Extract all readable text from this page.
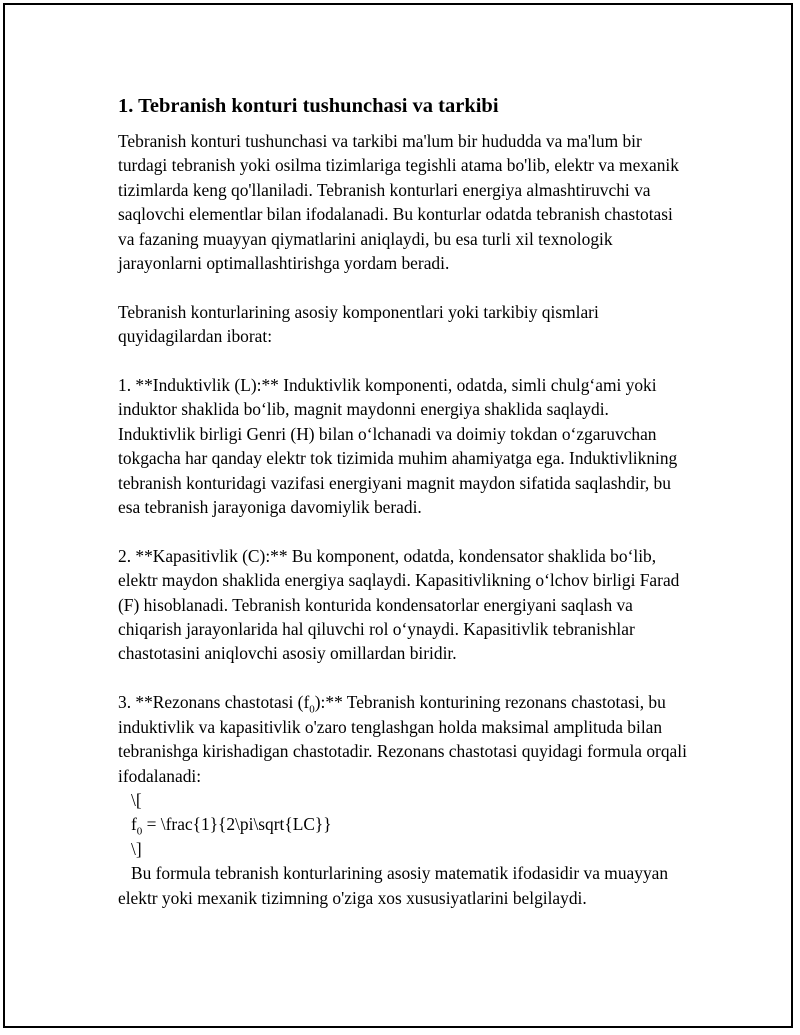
1. Tebranish konturi tushunchasi va tarkibi

Tebranish konturi tushunchasi va tarkibi ma'lum bir hududda va ma'lum bir turdagi tebranish yoki osilma tizimlariga tegishli atama bo'lib, elektr va mexanik tizimlarda keng qo'llaniladi. Tebranish konturlari energiya almashtiruvchi va saqlovchi elementlar bilan ifodalanadi. Bu konturlar odatda tebranish chastotasi va fazaning muayyan qiymatlarini aniqlaydi, bu esa turli xil texnologik jarayonlarni optimallashtirishga yordam beradi.

Tebranish konturlarining asosiy komponentlari yoki tarkibiy qismlari quyidagilardan iborat:

1. **Induktivlik (L):** Induktivlik komponenti, odatda, simli chulg‘ami yoki induktor shaklida bo‘lib, magnit maydonni energiya shaklida saqlaydi. Induktivlik birligi Genri (H) bilan o‘lchanadi va doimiy tokdan o‘zgaruvchan tokgacha har qanday elektr tok tizimida muhim ahamiyatga ega. Induktivlikning tebranish konturidagi vazifasi energiyani magnit maydon sifatida saqlashdir, bu esa tebranish jarayoniga davomiylik beradi.

2. **Kapasitivlik (C):** Bu komponent, odatda, kondensator shaklida bo‘lib, elektr maydon shaklida energiya saqlaydi. Kapasitivlikning o‘lchov birligi Farad (F) hisoblanadi. Tebranish konturida kondensatorlar energiyani saqlash va chiqarish jarayonlarida hal qiluvchi rol o‘ynaydi. Kapasitivlik tebranishlar chastotasini aniqlovchi asosiy omillardan biridir.

3. **Rezonans chastotasi $(f_0):**$ Tebranish konturining rezonans chastotasi, bu induktivlik va kapasitivlik o'zaro tenglashgan holda maksimal amplituda bilan tebranishga kirishadigan chastotadir. Rezonans chastotasi quyidagi formula orqali ifodalanadi:
\[
$f_0$ = \frac{1}{2\pi\sqrt{LC}}
\]

Bu formula tebranish konturlarining asosiy matematik ifodasidir va muayyan elektr yoki mexanik tizimning o'ziga xos xususiyatlarini belgilaydi.
